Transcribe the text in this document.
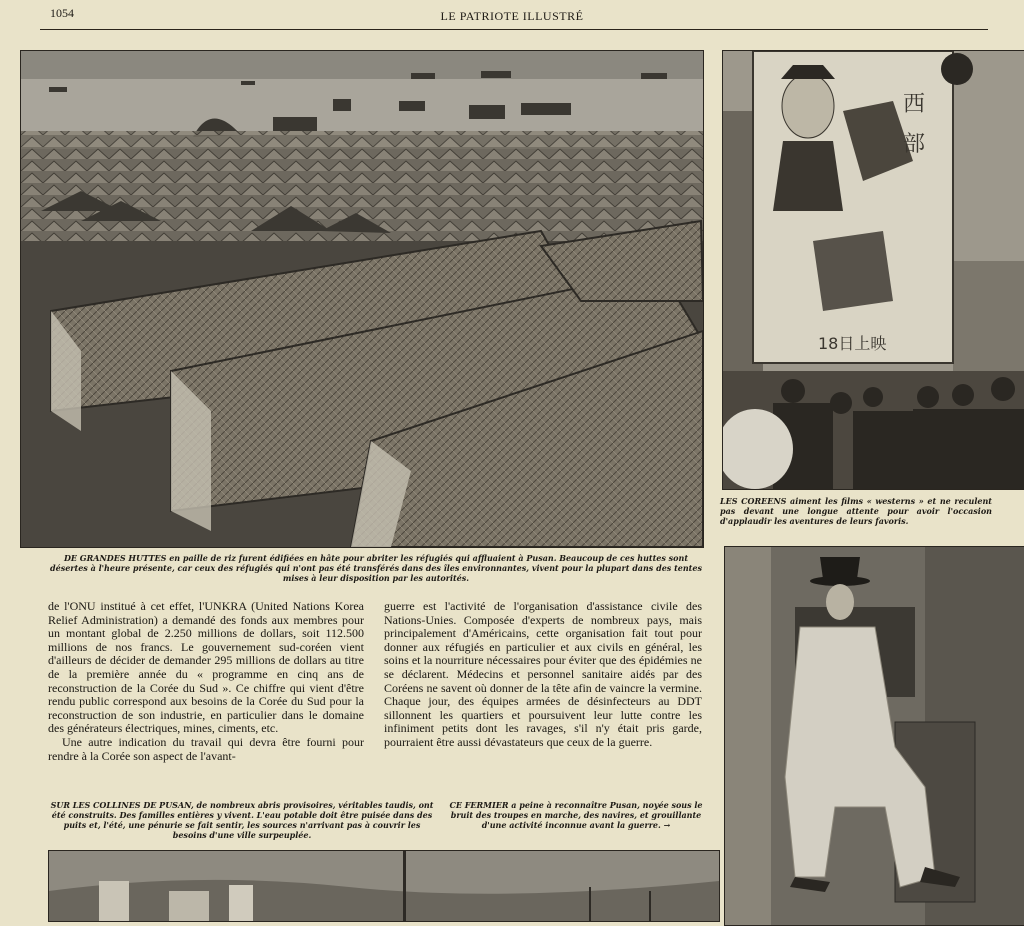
1054	LE PATRIOTE ILLUSTRÉ
DE GRANDES HUTTES en paille de riz furent édifiées en hâte pour abriter les réfugiés qui affluaient à Pusan. Beaucoup de ces huttes sont désertes à l'heure présente, car ceux des réfugiés qui n'ont pas été transférés dans des îles environnantes, vivent pour la plupart dans des tentes mises à leur disposition par les autorités.
西
部
18日上映
LES COREENS aiment les films « westerns » et ne reculent pas devant une longue attente pour avoir l'occasion d'applaudir les aventures de leurs favoris.

de l'ONU institué à cet effet, l'UNKRA (United Nations Korea Relief Administration) a demandé des fonds aux membres pour un montant global de 2.250 millions de dollars, soit 112.500 millions de nos francs. Le gouvernement sud-coréen vient d'ailleurs de décider de demander 295 millions de dollars au titre de la première année du « programme en cinq ans de reconstruction de la Corée du Sud ». Ce chiffre qui vient d'être rendu public correspond aux besoins de la Corée du Sud pour la reconstruction de son industrie, en particulier dans le domaine des générateurs électriques, mines, ciments, etc.

Une autre indication du travail qui devra être fourni pour rendre à la Corée son aspect de l'avant-

guerre est l'activité de l'organisation d'assistance civile des Nations-Unies. Composée d'experts de nombreux pays, mais principalement d'Américains, cette organisation fait tout pour donner aux réfugiés en particulier et aux civils en général, les soins et la nourriture nécessaires pour éviter que des épidémies ne se déclarent. Médecins et personnel sanitaire aidés par des Coréens ne savent où donner de la tête afin de vaincre la vermine. Chaque jour, des équipes armées de désinfecteurs au DDT sillonnent les quartiers et poursuivent leur lutte contre les infiniment petits dont les ravages, s'il n'y était pris garde, pourraient être aussi dévastateurs que ceux de la guerre.

SUR LES COLLINES DE PUSAN, de nombreux abris provisoires, véritables taudis, ont été construits. Des familles entières y vivent. L'eau potable doit être puisée dans des puits et, l'été, une pénurie se fait sentir, les sources n'arrivant pas à couvrir les besoins d'une ville surpeuplée.
CE FERMIER a peine à reconnaître Pusan, noyée sous le bruit des troupes en marche, des navires, et grouillante d'une activité inconnue avant la guerre. →
